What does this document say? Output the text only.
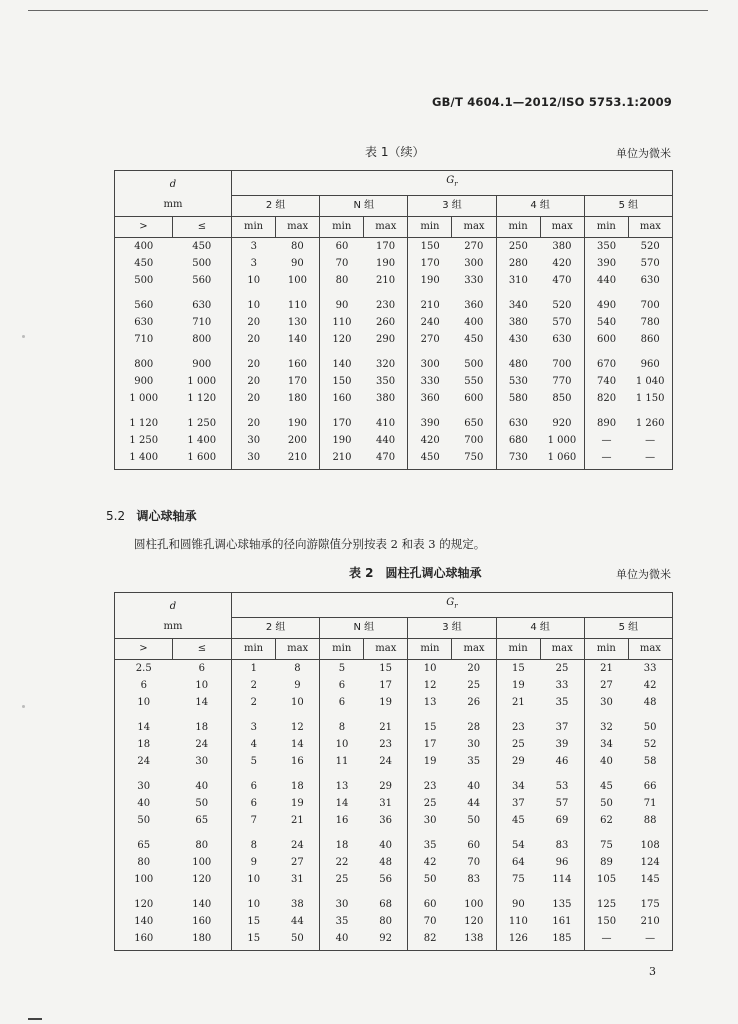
GB/T 4604.1—2012/ISO 5753.1:2009
表 1（续）	单位为微米
d		$G_r$
mm		2 组		N 组		3 组		4 组		5 组	
>	≤	min	max	min	max	min	max	min	max	min	max
400	450	3	80	60	170	150	270	250	380	350	520
450	500	3	90	70	190	170	300	280	420	390	570
500	560	10	100	80	210	190	330	310	470	440	630

560	630	10	110	90	230	210	360	340	520	490	700
630	710	20	130	110	260	240	400	380	570	540	780
710	800	20	140	120	290	270	450	430	630	600	860

800	900	20	160	140	320	300	500	480	700	670	960
900	1 000	20	170	150	350	330	550	530	770	740	1 040
1 000	1 120	20	180	160	380	360	600	580	850	820	1 150

1 120	1 250	20	190	170	410	390	650	630	920	890	1 260
1 250	1 400	30	200	190	440	420	700	680	1 000	—	—
1 400	1 600	30	210	210	470	450	750	730	1 060	—	—
5.2 调心球轴承
圆柱孔和圆锥孔调心球轴承的径向游隙值分别按表 2 和表 3 的规定。
表 2　圆柱孔调心球轴承	单位为微米
d		$G_r$
mm		2 组		N 组		3 组		4 组		5 组	
>	≤	min	max	min	max	min	max	min	max	min	max
2.5	6	1	8	5	15	10	20	15	25	21	33
6	10	2	9	6	17	12	25	19	33	27	42
10	14	2	10	6	19	13	26	21	35	30	48

14	18	3	12	8	21	15	28	23	37	32	50
18	24	4	14	10	23	17	30	25	39	34	52
24	30	5	16	11	24	19	35	29	46	40	58

30	40	6	18	13	29	23	40	34	53	45	66
40	50	6	19	14	31	25	44	37	57	50	71
50	65	7	21	16	36	30	50	45	69	62	88

65	80	8	24	18	40	35	60	54	83	75	108
80	100	9	27	22	48	42	70	64	96	89	124
100	120	10	31	25	56	50	83	75	114	105	145

120	140	10	38	30	68	60	100	90	135	125	175
140	160	15	44	35	80	70	120	110	161	150	210
160	180	15	50	40	92	82	138	126	185	—	—
3
